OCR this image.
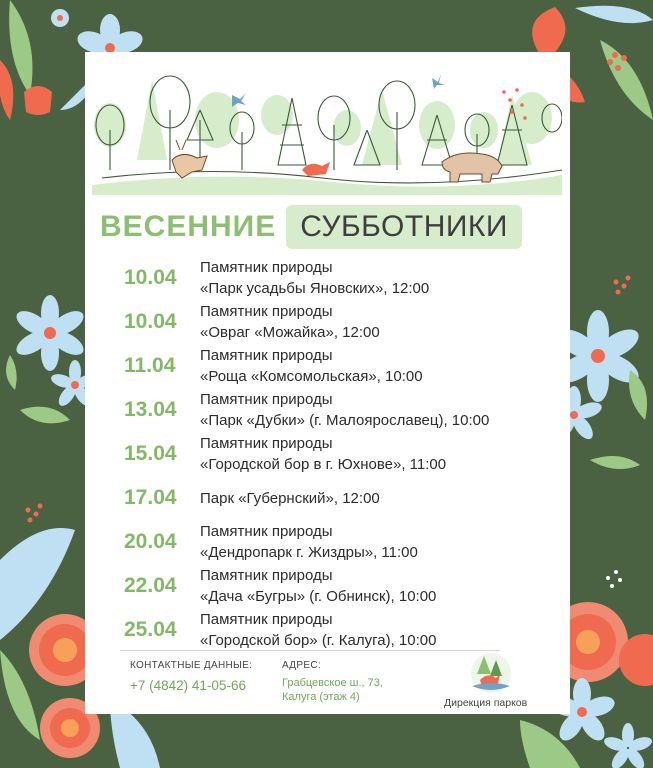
ВЕСЕННИЕ СУББОТНИКИ
10.04	Памятник природы
«Парк усадьбы Яновских», 12:00
10.04	Памятник природы
«Овраг «Можайка», 12:00
11.04	Памятник природы
«Роща «Комсомольская», 10:00
13.04	Памятник природы
«Парк «Дубки» (г. Малоярославец), 10:00
15.04	Памятник природы
«Городской бор в г. Юхнове», 11:00
17.04	Парк «Губернский», 12:00
20.04	Памятник природы
«Дендропарк г. Жиздры», 11:00
22.04	Памятник природы
«Дача «Бугры» (г. Обнинск), 10:00
25.04	Памятник природы
«Городской бор» (г. Калуга), 10:00
КОНТАКТНЫЕ ДАННЫЕ:
+7 (4842) 41-05-66
АДРЕС:
Грабцевское ш., 73,
Калуга (этаж 4)	Дирекция парков
